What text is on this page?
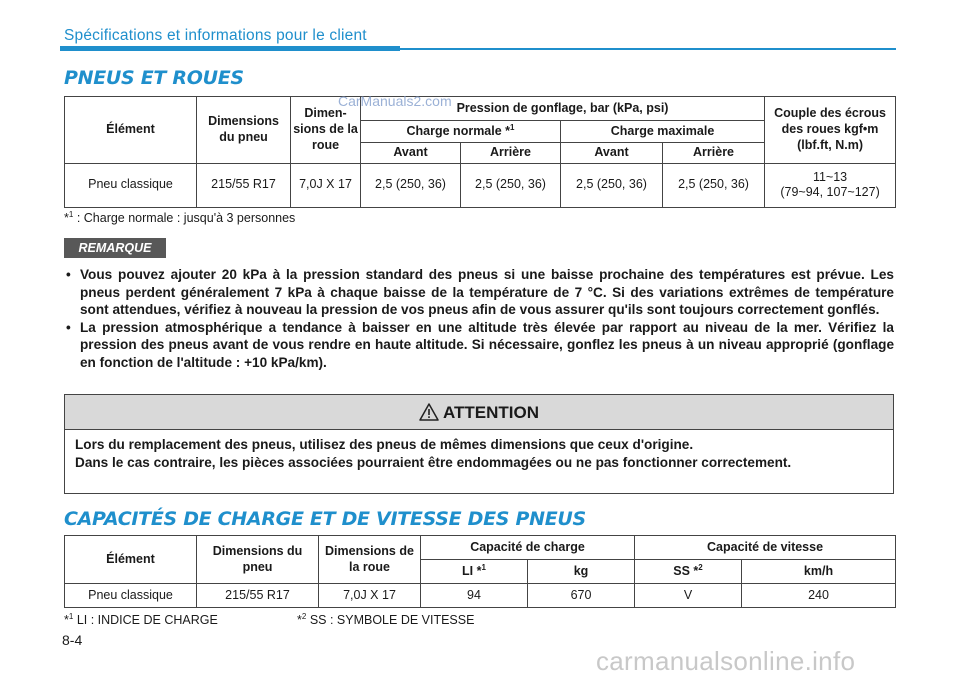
Spécifications et informations pour le client
PNEUS ET ROUES
Élément	Dimensions du pneu	Dimen-sions de la roue	Pression de gonflage, bar (kPa, psi)				Couple des écrous des roues kgf•m (lbf.ft, N.m)
			Charge normale *$^1$		Charge maximale		
			Avant	Arrière	Avant	Arrière	
Pneu classique	215/55 R17	7,0J X 17	2,5 (250, 36)	2,5 (250, 36)	2,5 (250, 36)	2,5 (250, 36)	11~13
(79~94, 107~127)
*$^1$ : Charge normale : jusqu'à 3 personnes
REMARQUE
• Vous pouvez ajouter 20 kPa à la pression standard des pneus si une baisse prochaine des températures est prévue. Les pneus perdent généralement 7 kPa à chaque baisse de la température de 7 °C. Si des variations extrêmes de température sont attendues, vérifiez à nouveau la pression de vos pneus afin de vous assurer qu'ils sont toujours correctement gonflés.
• La pression atmosphérique a tendance à baisser en une altitude très élevée par rapport au niveau de la mer. Vérifiez la pression des pneus avant de vous rendre en haute altitude. Si nécessaire, gonflez les pneus à un niveau approprié (gonflage en fonction de l'altitude : +10 kPa/km).
ATTENTION

Lors du remplacement des pneus, utilisez des pneus de mêmes dimensions que ceux d'origine.

Dans le cas contraire, les pièces associées pourraient être endommagées ou ne pas fonctionner correctement.

CAPACITÉS DE CHARGE ET DE VITESSE DES PNEUS
Élément	Dimensions du pneu	Dimensions de la roue	Capacité de charge		Capacité de vitesse	
			LI *$^1$	kg	SS *$^2$	km/h
Pneu classique	215/55 R17	7,0J X 17	94	670	V	240
*$^1$ LI : INDICE DE CHARGE	*$^2$ SS : SYMBOLE DE VITESSE
8-4
CarManuals2.com
carmanualsonline.info
